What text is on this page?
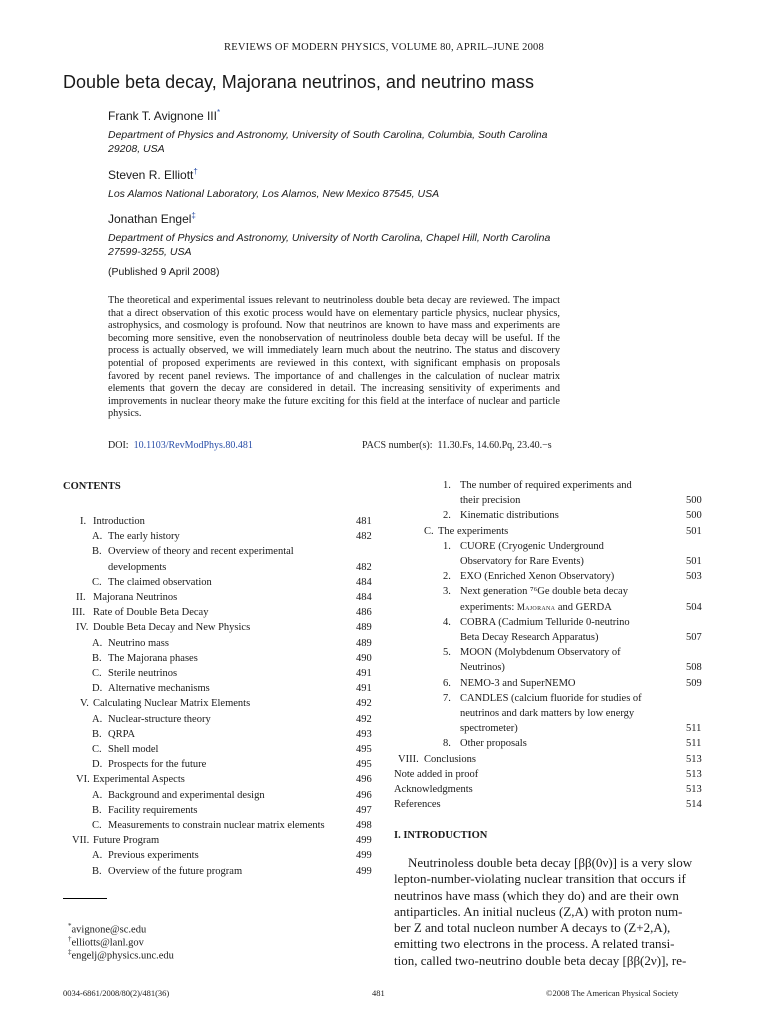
REVIEWS OF MODERN PHYSICS, VOLUME 80, APRIL–JUNE 2008
Double beta decay, Majorana neutrinos, and neutrino mass
Frank T. Avignone III*
Department of Physics and Astronomy, University of South Carolina, Columbia, South Carolina 29208, USA
Steven R. Elliott†
Los Alamos National Laboratory, Los Alamos, New Mexico 87545, USA
Jonathan Engel‡
Department of Physics and Astronomy, University of North Carolina, Chapel Hill, North Carolina 27599-3255, USA
(Published 9 April 2008)
The theoretical and experimental issues relevant to neutrinoless double beta decay are reviewed. The impact that a direct observation of this exotic process would have on elementary particle physics, nuclear physics, astrophysics, and cosmology is profound. Now that neutrinos are known to have mass and experiments are becoming more sensitive, even the nonobservation of neutrinoless double beta decay will be useful. If the process is actually observed, we will immediately learn much about the neutrino. The status and discovery potential of proposed experiments are reviewed in this context, with significant emphasis on proposals favored by recent panel reviews. The importance of and challenges in the calculation of nuclear matrix elements that govern the decay are considered in detail. The increasing sensitivity of experiments and improvements in nuclear theory make the future exciting for this field at the interface of nuclear and particle physics.
DOI: 10.1103/RevModPhys.80.481	PACS number(s): 11.30.Fs, 14.60.Pq, 23.40.−s
CONTENTS
I. Introduction	481
A. The early history	482
B. Overview of theory and recent experimental
developments	482
C. The claimed observation	484
II. Majorana Neutrinos	484
III. Rate of Double Beta Decay	486
IV. Double Beta Decay and New Physics	489
A. Neutrino mass	489
B. The Majorana phases	490
C. Sterile neutrinos	491
D. Alternative mechanisms	491
V. Calculating Nuclear Matrix Elements	492
A. Nuclear-structure theory	492
B. QRPA	493
C. Shell model	495
D. Prospects for the future	495
VI. Experimental Aspects	496
A. Background and experimental design	496
B. Facility requirements	497
C. Measurements to constrain nuclear matrix elements	498
VII. Future Program	499
A. Previous experiments	499
B. Overview of the future program	499
1. The number of required experiments and
their precision	500
2. Kinematic distributions	500
C. The experiments	501
1. CUORE (Cryogenic Underground
Observatory for Rare Events)	501
2. EXO (Enriched Xenon Observatory)	503
3. Next generation ⁷⁶Ge double beta decay
experiments: Majorana and GERDA	504
4. COBRA (Cadmium Telluride 0-neutrino
Beta Decay Research Apparatus)	507
5. MOON (Molybdenum Observatory of
Neutrinos)	508
6. NEMO-3 and SuperNEMO	509
7. CANDLES (calcium fluoride for studies of
neutrinos and dark matters by low energy
spectrometer)	511
8. Other proposals	511
VIII. Conclusions	513
Note added in proof	513
Acknowledgments	513
References	514
*avignone@sc.edu
†elliotts@lanl.gov
‡engelj@physics.unc.edu
I. INTRODUCTION
Neutrinoless double beta decay [ββ(0ν)] is a very slow
lepton-number-violating nuclear transition that occurs if
neutrinos have mass (which they do) and are their own
antiparticles. An initial nucleus (Z,A) with proton num-
ber Z and total nucleon number A decays to (Z+2,A),
emitting two electrons in the process. A related transi-
tion, called two-neutrino double beta decay [ββ(2ν)], re-
0034-6861/2008/80(2)/481(36)	481	©2008 The American Physical Society
